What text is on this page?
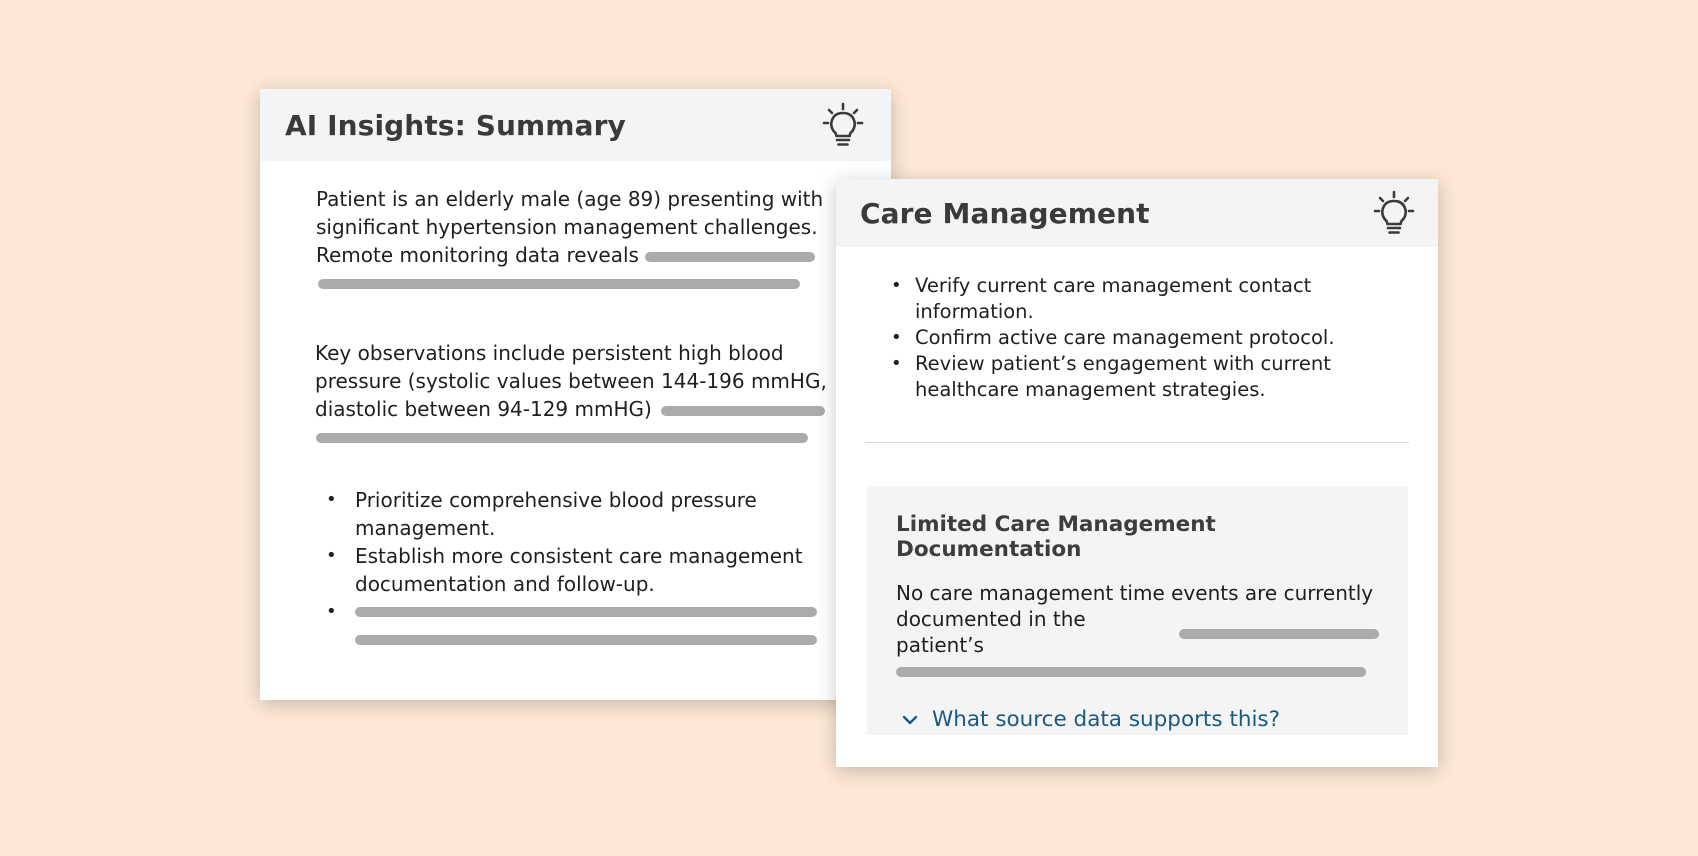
AI Insights: Summary
Patient is an elderly male (age 89) presenting with
significant hypertension management challenges.
Remote monitoring data reveals
Key observations include persistent high blood
pressure (systolic values between 144-196 mmHG,
diastolic between 94-129 mmHG)
• Prioritize comprehensive blood pressure
management.
• Establish more consistent care management
documentation and follow-up.
•
Care Management
• Verify current care management contact
information.
• Confirm active care management protocol.
• Review patient’s engagement with current
healthcare management strategies.
Limited Care Management Documentation
No care management time events are currently
documented in the patient’s
What source data supports this?
